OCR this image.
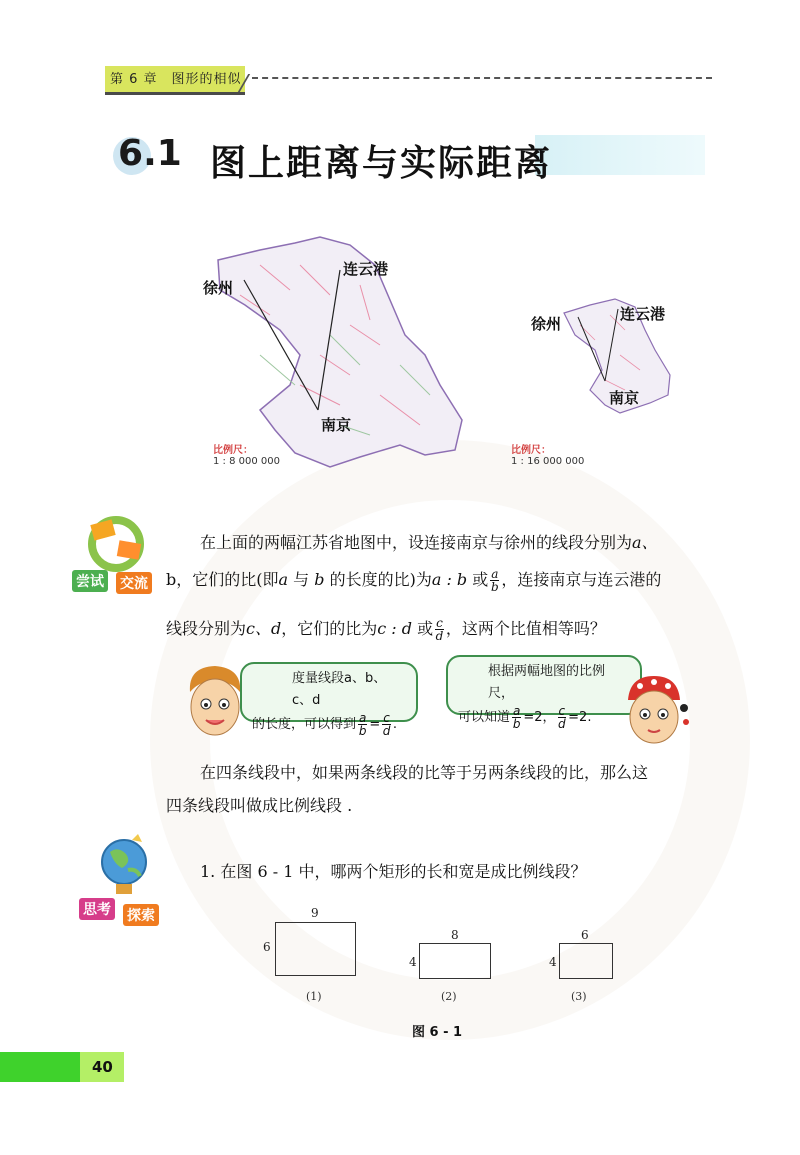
第 6 章　图形的相似
6.1 图上距离与实际距离
徐州
连云港
南京
比例尺：
1 : 8 000 000
徐州
连云港
南京
比例尺：
1 : 16 000 000
尝试 交流
在上面的两幅江苏省地图中，设连接南京与徐州的线段分别为a、
b，它们的比(即a 与 b 的长度的比)为a : b 或 $\frac{a}{b}$ ，连接南京与连云港的
线段分别为c、d，它们的比为c : d 或 $\frac{c}{d}$ ，这两个比值相等吗？
度量线段a、b、c、d
的长度，可以得到 $\frac{a}{b} = \frac{c}{d}$ .
根据两幅地图的比例尺，
可以知道 $\frac{a}{b} =2$， $\frac{c}{d} =2$.
在四条线段中，如果两条线段的比等于另两条线段的比，那么这
四条线段叫做成比例线段 .
思考 探索
1. 在图 6 - 1 中，哪两个矩形的长和宽是成比例线段？
9
6
(1)
8
4
(2)
6
4
(3)
图 6 - 1
40
